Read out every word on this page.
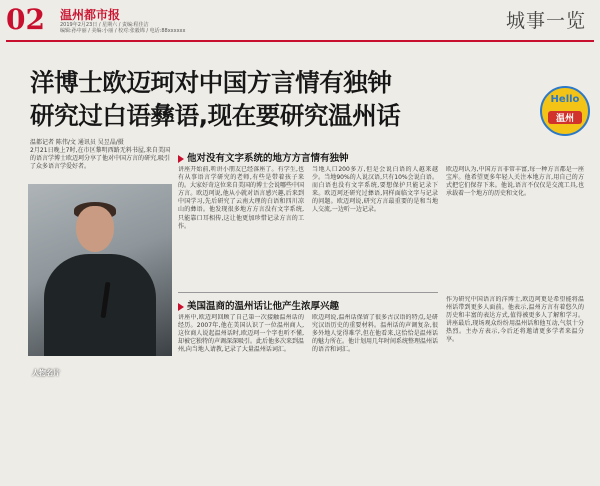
02 温州都市报
2019年2月23日 / 星期六 / 责编:程佳洁
编辑:孙中丽 / 美编:小丽 / 校对:张毅锦 / 电话:88xxxxxx	城事一览
洋博士欧迈珂对中国方言情有独钟
研究过白语彝语,现在要研究温州话
Hello
温州
温都记者 陈伟/文 通讯员 吴昱晶/摄
2月21日晚上7时,在市区黎明西路无料书屋,来自美国的语言学博士欧迈珂分享了他对中国方言的研究,吸引了众多语言学爱好者。
人物名片
他对没有文字系统的地方方言情有独钟
讲座开始前,听讲小朋友已经落座了。有学生,也有从事语言学研究的老师,有些是带着孩子来的。大家好奇这位来自美国的博士会说哪些中国方言。欧迈珂说,他从小就对语言感兴趣,后来到中国学习,先后研究了云南大理的白语和四川凉山的彝语。他发现很多地方方言没有文字系统,只能靠口耳相传,这让他更加珍惜记录方言的工作。
当地人口200多万,但是会说白语的人越来越少。当地90%的人说汉语,只有10%会说白语。而白语也没有文字系统,要想保护只能记录下来。欧迈珂还研究过彝语,同样面临文字与记录的问题。欧迈珂说,研究方言最重要的是和当地人交流,一边听一边记录。
欧迈珂认为,中国方言非常丰富,每一种方言都是一座宝库。他希望更多年轻人关注本地方言,用自己的方式把它们保存下来。他说,语言不仅仅是交流工具,也承载着一个地方的历史和文化。
美国温商的温州话让他产生浓厚兴趣
讲座中,欧迈珂回顾了自己第一次接触温州话的经历。2007年,他在美国认识了一位温州商人,这位商人说起温州话时,欧迈珂一个字也听不懂,却被它独特的声调深深吸引。此后他多次来到温州,向当地人请教,记录了大量温州话词汇。
欧迈珂说,温州话保留了很多古汉语的特点,是研究汉语历史的重要材料。温州话的声调复杂,很多外地人觉得难学,但在他看来,这恰恰是温州话的魅力所在。他计划用几年时间系统整理温州话的语音和词汇。
作为研究中国语言的洋博士,欧迈珂更是希望能将温州话带到更多人面前。他表示,温州方言有着悠久的历史和丰富的表达方式,值得被更多人了解和学习。讲座最后,现场观众纷纷用温州话和他互动,气氛十分热烈。主办方表示,今后还将邀请更多学者来温分享。
